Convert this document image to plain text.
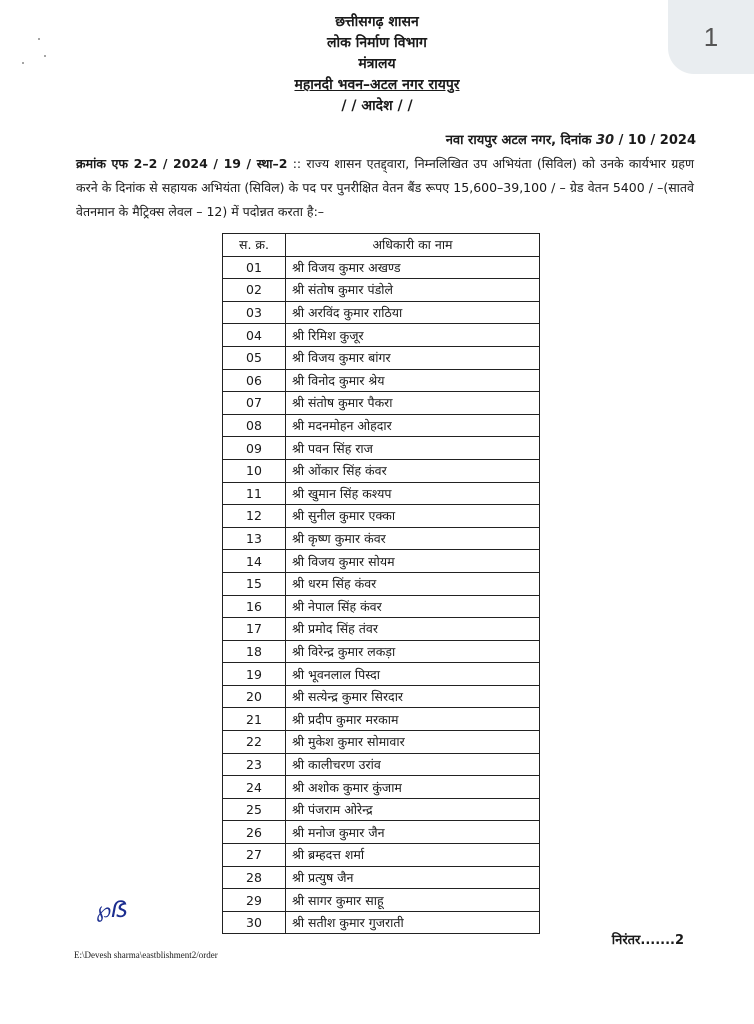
1
छत्तीसगढ़ शासन
लोक निर्माण विभाग
मंत्रालय
महानदी भवन–अटल नगर रायपुर
/ / आदेश / /
नवा रायपुर अटल नगर, दिनांक 30 / 10 / 2024
क्रमांक एफ 2–2 / 2024 / 19 / स्था–2 :: राज्य शासन एतद्द्वारा, निम्नलिखित उप अभियंता (सिविल) को उनके कार्यभार ग्रहण करने के दिनांक से सहायक अभियंता (सिविल) के पद पर पुनरीक्षित वेतन बैंड रूपए 15,600–39,100 / – ग्रेड वेतन 5400 / –(सातवे वेतनमान के मैट्रिक्स लेवल – 12) में पदोन्नत करता है:–
स. क्र.	अधिकारी का नाम
01	श्री विजय कुमार अखण्ड
02	श्री संतोष कुमार पंडोले
03	श्री अरविंद कुमार राठिया
04	श्री रिमिश कुजूर
05	श्री विजय कुमार बांगर
06	श्री विनोद कुमार श्रेय
07	श्री संतोष कुमार पैकरा
08	श्री मदनमोहन ओहदार
09	श्री पवन सिंह राज
10	श्री ओंकार सिंह कंवर
11	श्री खुमान सिंह कश्यप
12	श्री सुनील कुमार एक्का
13	श्री कृष्ण कुमार कंवर
14	श्री विजय कुमार सोयम
15	श्री धरम सिंह कंवर
16	श्री नेपाल सिंह कंवर
17	श्री प्रमोद सिंह तंवर
18	श्री विरेन्द्र कुमार लकड़ा
19	श्री भूवनलाल पिस्दा
20	श्री सत्येन्द्र कुमार सिरदार
21	श्री प्रदीप कुमार मरकाम
22	श्री मुकेश कुमार सोमावार
23	श्री कालीचरण उरांव
24	श्री अशोक कुमार कुंजाम
25	श्री पंजराम ओरेन्द्र
26	श्री मनोज कुमार जैन
27	श्री ब्रम्हदत्त शर्मा
28	श्री प्रत्युष जैन
29	श्री सागर कुमार साहू
30	श्री सतीश कुमार गुजराती
℘ẞ
निरंतर.......2
E:\Devesh sharma\eastblishment2/order
